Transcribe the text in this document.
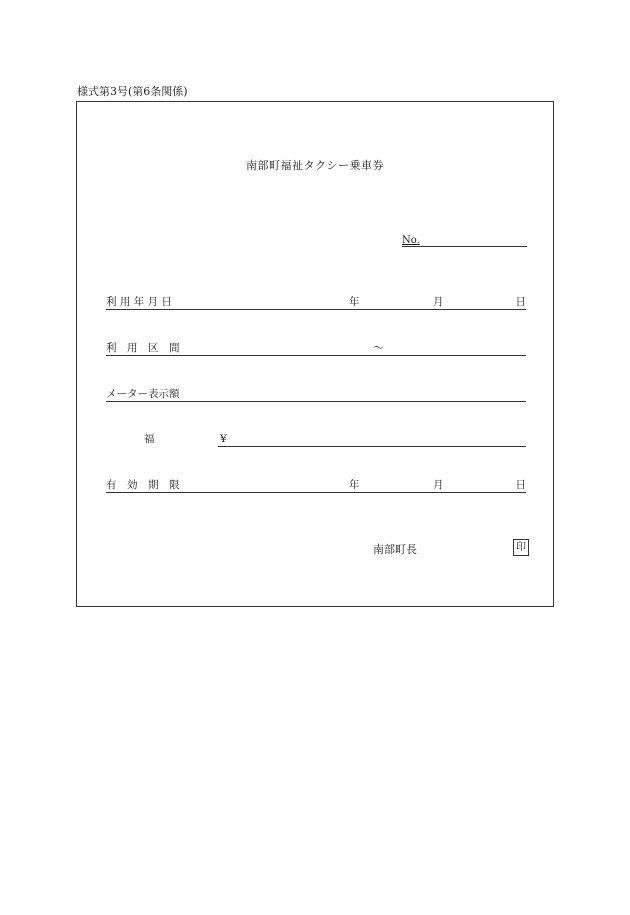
様式第3号(第6条関係)
南部町福祉タクシー乗車券
No.
利 用 年 月 日	年	月	日
利　用　区　間	〜
メーター表示額
福	¥
有　効　期　限	年	月	日
南部町長	印
